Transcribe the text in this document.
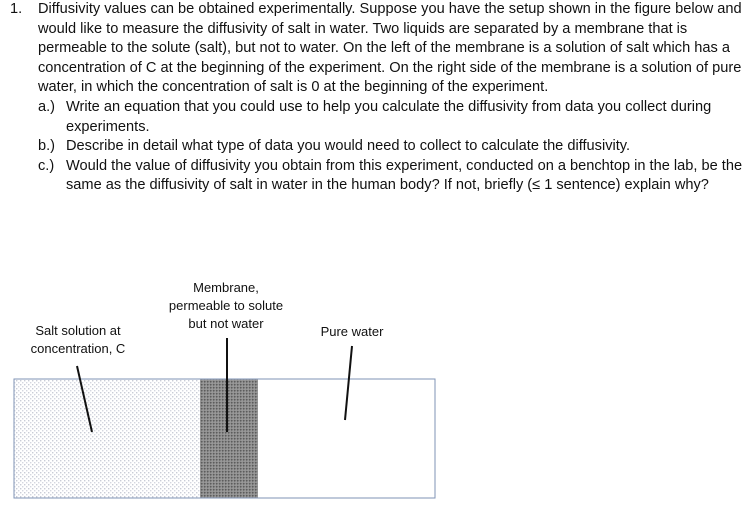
1.	Diffusivity values can be obtained experimentally. Suppose you have the setup shown in the figure below and would like to measure the diffusivity of salt in water. Two liquids are separated by a membrane that is permeable to the solute (salt), but not to water. On the left of the membrane is a solution of salt which has a concentration of C at the beginning of the experiment. On the right side of the membrane is a solution of pure water, in which the concentration of salt is 0 at the beginning of the experiment.
a.) Write an equation that you could use to help you calculate the diffusivity from data you collect during experiments.
b.) Describe in detail what type of data you would need to collect to calculate the diffusivity.
c.) Would the value of diffusivity you obtain from this experiment, conducted on a benchtop in the lab, be the same as the diffusivity of salt in water in the human body? If not, briefly (≤ 1 sentence) explain why?
Salt solution at
concentration, C
Membrane,
permeable to solute
but not water
Pure water
